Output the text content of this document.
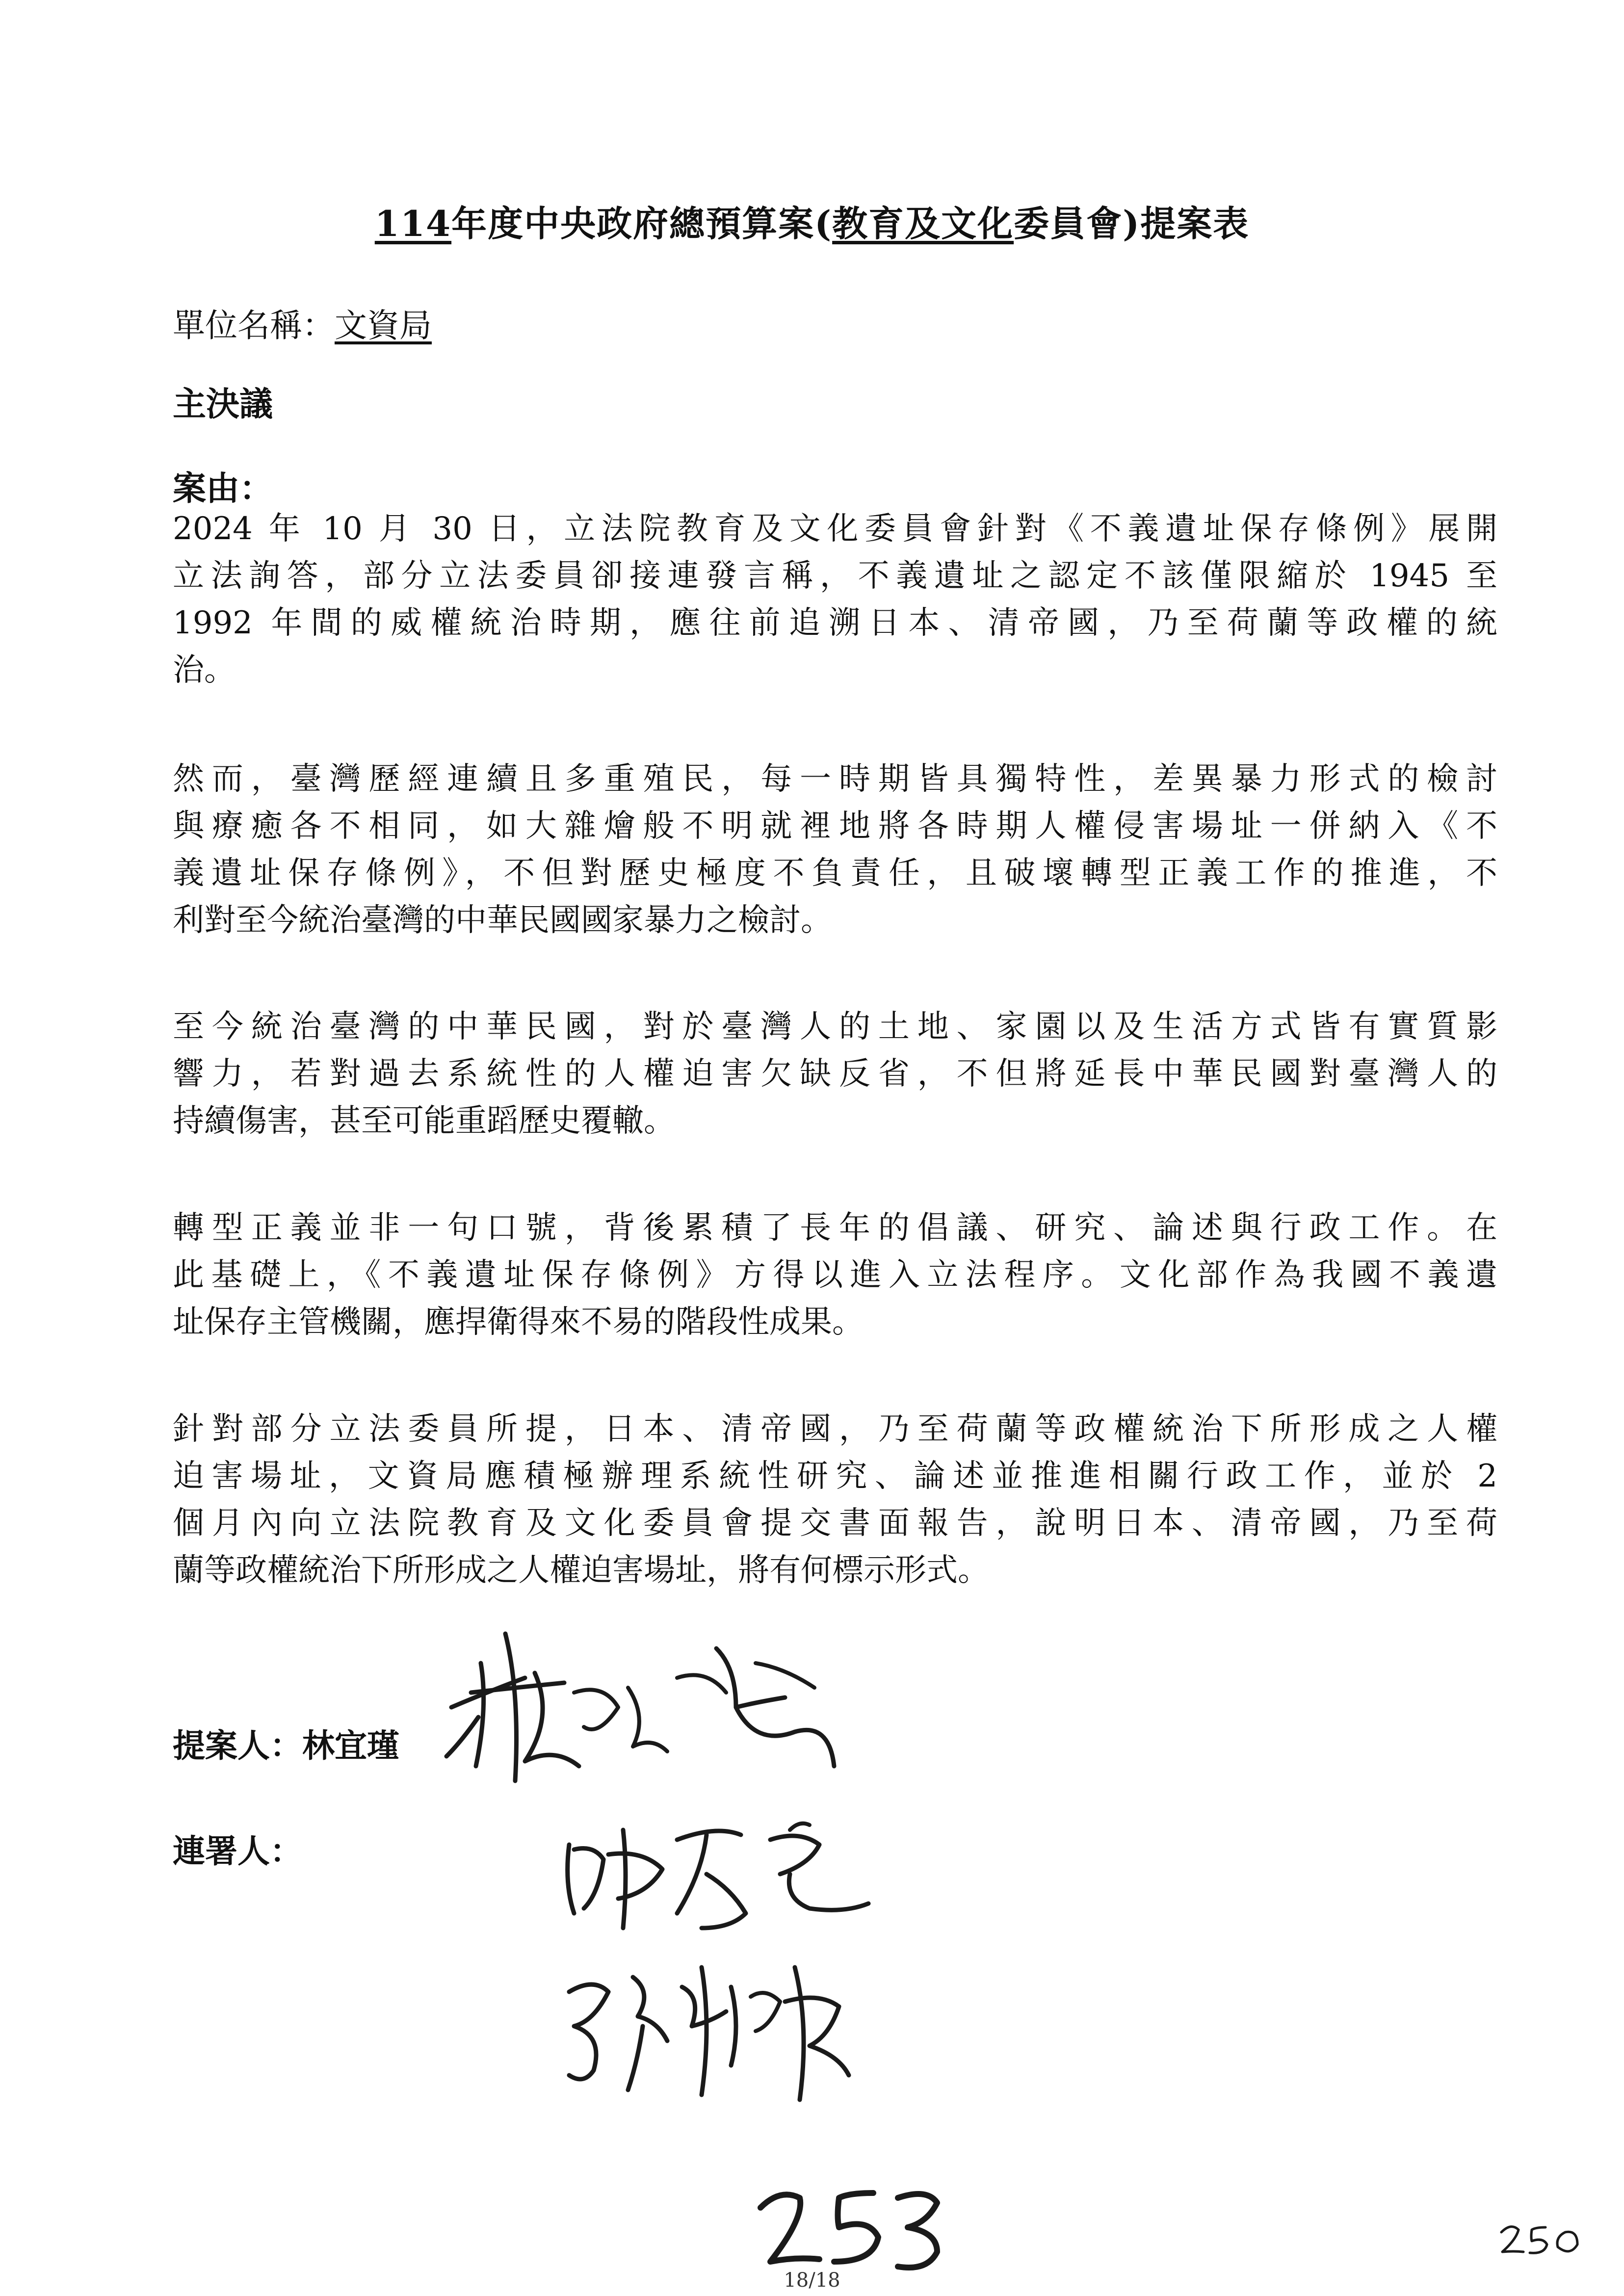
114年度中央政府總預算案(教育及文化委員會)提案表
單位名稱：文資局
主決議
案由：
2024 年 10 月 30 日，立法院教育及文化委員會針對《不義遺址保存條例》展開
立法詢答，部分立法委員卻接連發言稱，不義遺址之認定不該僅限縮於 1945 至
1992 年間的威權統治時期，應往前追溯日本、清帝國，乃至荷蘭等政權的統
治。
然而，臺灣歷經連續且多重殖民，每一時期皆具獨特性，差異暴力形式的檢討
與療癒各不相同，如大雜燴般不明就裡地將各時期人權侵害場址一併納入《不
義遺址保存條例》，不但對歷史極度不負責任，且破壞轉型正義工作的推進，不
利對至今統治臺灣的中華民國國家暴力之檢討。
至今統治臺灣的中華民國，對於臺灣人的土地、家園以及生活方式皆有實質影
響力，若對過去系統性的人權迫害欠缺反省，不但將延長中華民國對臺灣人的
持續傷害，甚至可能重蹈歷史覆轍。
轉型正義並非一句口號，背後累積了長年的倡議、研究、論述與行政工作。在
此基礎上，《不義遺址保存條例》方得以進入立法程序。文化部作為我國不義遺
址保存主管機關，應捍衛得來不易的階段性成果。
針對部分立法委員所提，日本、清帝國，乃至荷蘭等政權統治下所形成之人權
迫害場址，文資局應積極辦理系統性研究、論述並推進相關行政工作，並於 2
個月內向立法院教育及文化委員會提交書面報告，說明日本、清帝國，乃至荷
蘭等政權統治下所形成之人權迫害場址，將有何標示形式。
提案人：林宜瑾
連署人：
18/18
